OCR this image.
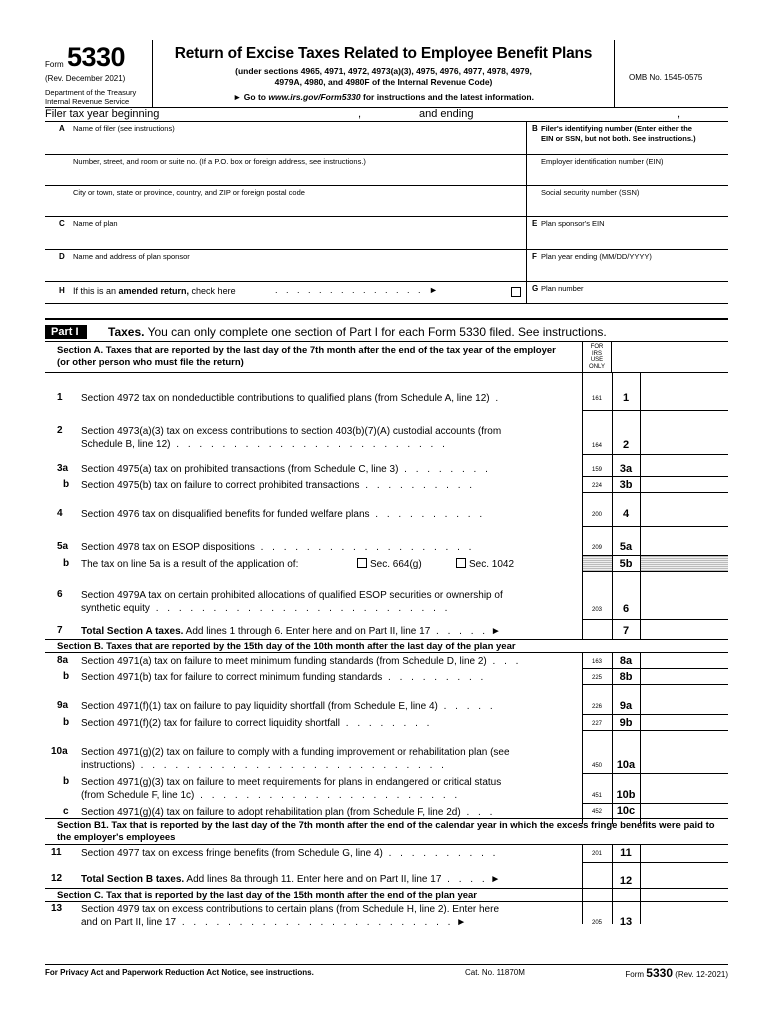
Form 5330
(Rev. December 2021)
Department of the Treasury
Internal Revenue Service
Return of Excise Taxes Related to Employee Benefit Plans
(under sections 4965, 4971, 4972, 4973(a)(3), 4975, 4976, 4977, 4978, 4979,
4979A, 4980, and 4980F of the Internal Revenue Code)
► Go to www.irs.gov/Form5330 for instructions and the latest information.
OMB No. 1545-0575
Filer tax year beginning	,	and ending	,
A Name of filer (see instructions)	B Filer's identifying number (Enter either the
EIN or SSN, but not both. See instructions.)
Number, street, and room or suite no. (If a P.O. box or foreign address, see instructions.)	Employer identification number (EIN)
City or town, state or province, country, and ZIP or foreign postal code	Social security number (SSN)
C Name of plan	E Plan sponsor's EIN
D Name and address of plan sponsor	F Plan year ending (MM/DD/YYYY)
H If this is an amended return, check here	. . . . . . . . . . . . . . ►	G Plan number
Part I	Taxes. You can only complete one section of Part I for each Form 5330 filed. See instructions.
Section A. Taxes that are reported by the last day of the 7th month after the end of the tax year of the employer (or other person who must file the return)
FOR
IRS
USE
ONLY
1 Section 4972 tax on nondeductible contributions to qualified plans (from Schedule A, line 12) .	161	1
2 Section 4973(a)(3) tax on excess contributions to section 403(b)(7)(A) custodial accounts (from
Schedule B, line 12) . . . . . . . . . . . . . . . . . . . . . . . .	164	2
3a Section 4975(a) tax on prohibited transactions (from Schedule C, line 3) . . . . . . . .	159	3a
b Section 4975(b) tax on failure to correct prohibited transactions . . . . . . . . . .	224	3b
4 Section 4976 tax on disqualified benefits for funded welfare plans . . . . . . . . . .	200	4
5a Section 4978 tax on ESOP dispositions . . . . . . . . . . . . . . . . . . .	209	5a
b The tax on line 5a is a result of the application of:	Sec. 664(g)	Sec. 1042	5b
6 Section 4979A tax on certain prohibited allocations of qualified ESOP securities or ownership of
synthetic equity . . . . . . . . . . . . . . . . . . . . . . . . . .	203	6
7 Total Section A taxes. Add lines 1 through 6. Enter here and on Part II, line 17 . . . . . ►	7
Section B. Taxes that are reported by the 15th day of the 10th month after the last day of the plan year
8a Section 4971(a) tax on failure to meet minimum funding standards (from Schedule D, line 2) . . .	163	8a
b Section 4971(b) tax for failure to correct minimum funding standards . . . . . . . . .	225	8b
9a Section 4971(f)(1) tax on failure to pay liquidity shortfall (from Schedule E, line 4) . . . . .	226	9a
b Section 4971(f)(2) tax for failure to correct liquidity shortfall . . . . . . . .	227	9b
10a Section 4971(g)(2) tax on failure to comply with a funding improvement or rehabilitation plan (see
instructions) . . . . . . . . . . . . . . . . . . . . . . . . . . .	450	10a
b Section 4971(g)(3) tax on failure to meet requirements for plans in endangered or critical status
(from Schedule F, line 1c) . . . . . . . . . . . . . . . . . . . . . . .	451	10b
c Section 4971(g)(4) tax on failure to adopt rehabilitation plan (from Schedule F, line 2d) . . .	452	10c
Section B1. Tax that is reported by the last day of the 7th month after the end of the calendar year in which the excess fringe benefits were paid to the employer's employees
11 Section 4977 tax on excess fringe benefits (from Schedule G, line 4) . . . . . . . . . .	201	11
12 Total Section B taxes. Add lines 8a through 11. Enter here and on Part II, line 17 . . . . ►	12
Section C. Tax that is reported by the last day of the 15th month after the end of the plan year
13 Section 4979 tax on excess contributions to certain plans (from Schedule H, line 2). Enter here
and on Part II, line 17 . . . . . . . . . . . . . . . . . . . . . . . . ►	205	13
For Privacy Act and Paperwork Reduction Act Notice, see instructions.	Cat. No. 11870M	Form 5330 (Rev. 12-2021)
